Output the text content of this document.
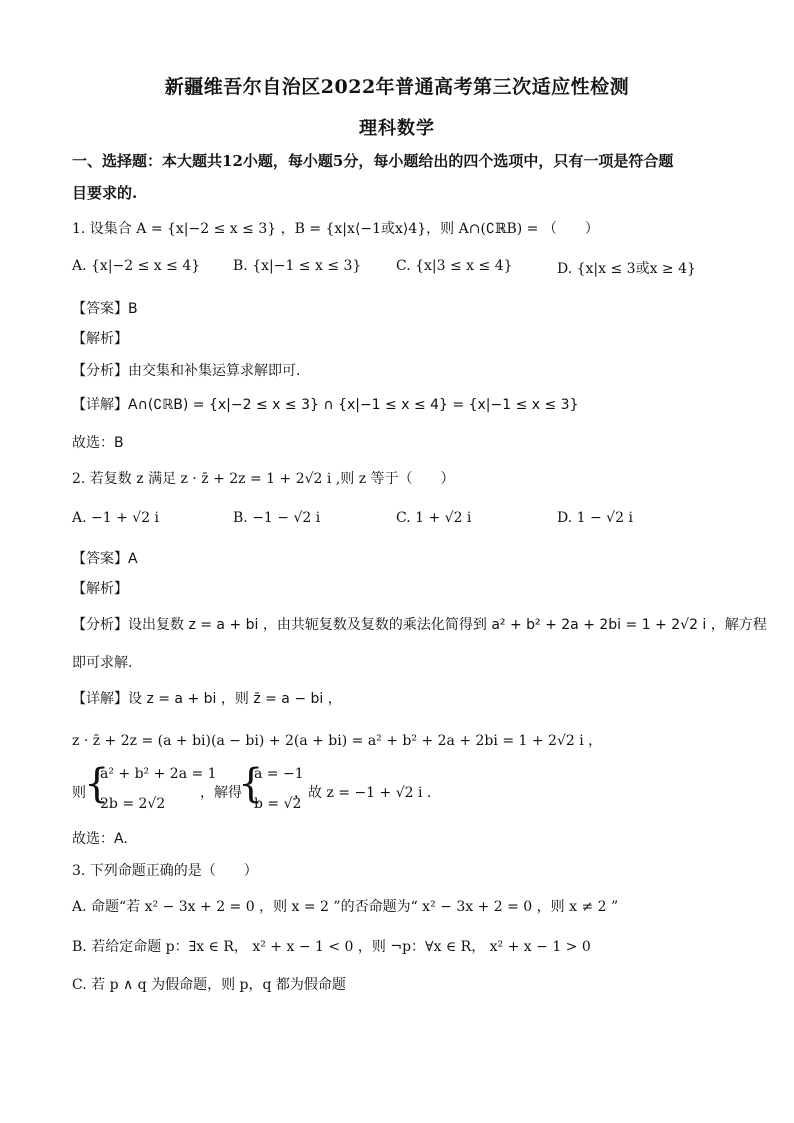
新疆维吾尔自治区2022年普通高考第三次适应性检测
理科数学
一、选择题：本大题共12小题，每小题5分，每小题给出的四个选项中，只有一项是符合题
目要求的.
1. 设集合 A = {x|−2 ≤ x ≤ 3} ，B = {x|x⟨−1或x⟩4}，则 A∩(∁ℝB) = （　　）
A. {x|−2 ≤ x ≤ 4} B. {x|−1 ≤ x ≤ 3} C. {x|3 ≤ x ≤ 4}	D. {x|x ≤ 3或x ≥ 4}
【答案】B
【解析】
【分析】由交集和补集运算求解即可.
【详解】A∩(∁ℝB) = {x|−2 ≤ x ≤ 3} ∩ {x|−1 ≤ x ≤ 4} = {x|−1 ≤ x ≤ 3}
故选：B
2. 若复数 z 满足 z · z̄ + 2z = 1 + 2√2 i ,则 z 等于（　　）
A. −1 + √2 i	B. −1 − √2 i	C. 1 + √2 i	D. 1 − √2 i
【答案】A
【解析】
【分析】设出复数 z = a + bi ，由共轭复数及复数的乘法化简得到 a² + b² + 2a + 2bi = 1 + 2√2 i ，解方程
即可求解.
【详解】设 z = a + bi ，则 z̄ = a − bi ，
z · z̄ + 2z = (a + bi)(a − bi) + 2(a + bi) = a² + b² + 2a + 2bi = 1 + 2√2 i ，
则
{
a² + b² + 2a = 1
2b = 2√2
，解得
{
a = −1
b = √2
，故 z = −1 + √2 i .
故选：A.
3. 下列命题正确的是（　　）
A. 命题“若 x² − 3x + 2 = 0 ，则 x = 2 ”的否命题为“ x² − 3x + 2 = 0 ，则 x ≠ 2 ”
B. 若给定命题 p：∃x ∈ R， x² + x − 1 < 0 ，则 ¬p：∀x ∈ R， x² + x − 1 > 0
C. 若 p ∧ q 为假命题，则 p，q 都为假命题
